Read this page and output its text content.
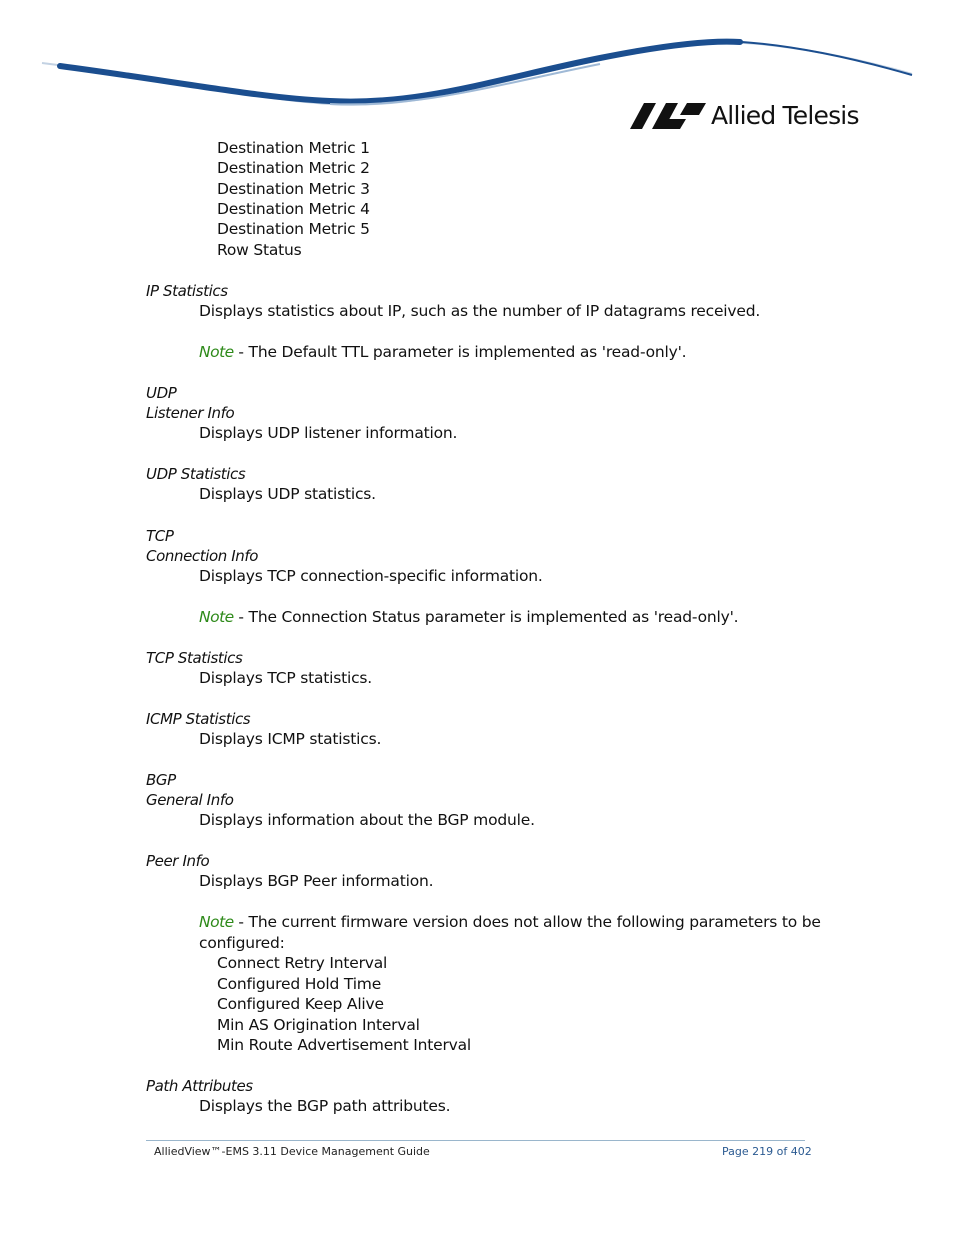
Allied Telesis
Destination Metric 1
Destination Metric 2
Destination Metric 3
Destination Metric 4
Destination Metric 5
Row Status
IP Statistics
Displays statistics about IP, such as the number of IP datagrams received.
Note - The Default TTL parameter is implemented as 'read-only'.
UDP
Listener Info
Displays UDP listener information.
UDP Statistics
Displays UDP statistics.
TCP
Connection Info
Displays TCP connection-specific information.
Note - The Connection Status parameter is implemented as 'read-only'.
TCP Statistics
Displays TCP statistics.
ICMP Statistics
Displays ICMP statistics.
BGP
General Info
Displays information about the BGP module.
Peer Info
Displays BGP Peer information.
Note - The current firmware version does not allow the following parameters to be
configured:
Connect Retry Interval
Configured Hold Time
Configured Keep Alive
Min AS Origination Interval
Min Route Advertisement Interval
Path Attributes
Displays the BGP path attributes.
AlliedView™-EMS 3.11 Device Management Guide	Page 219 of 402
